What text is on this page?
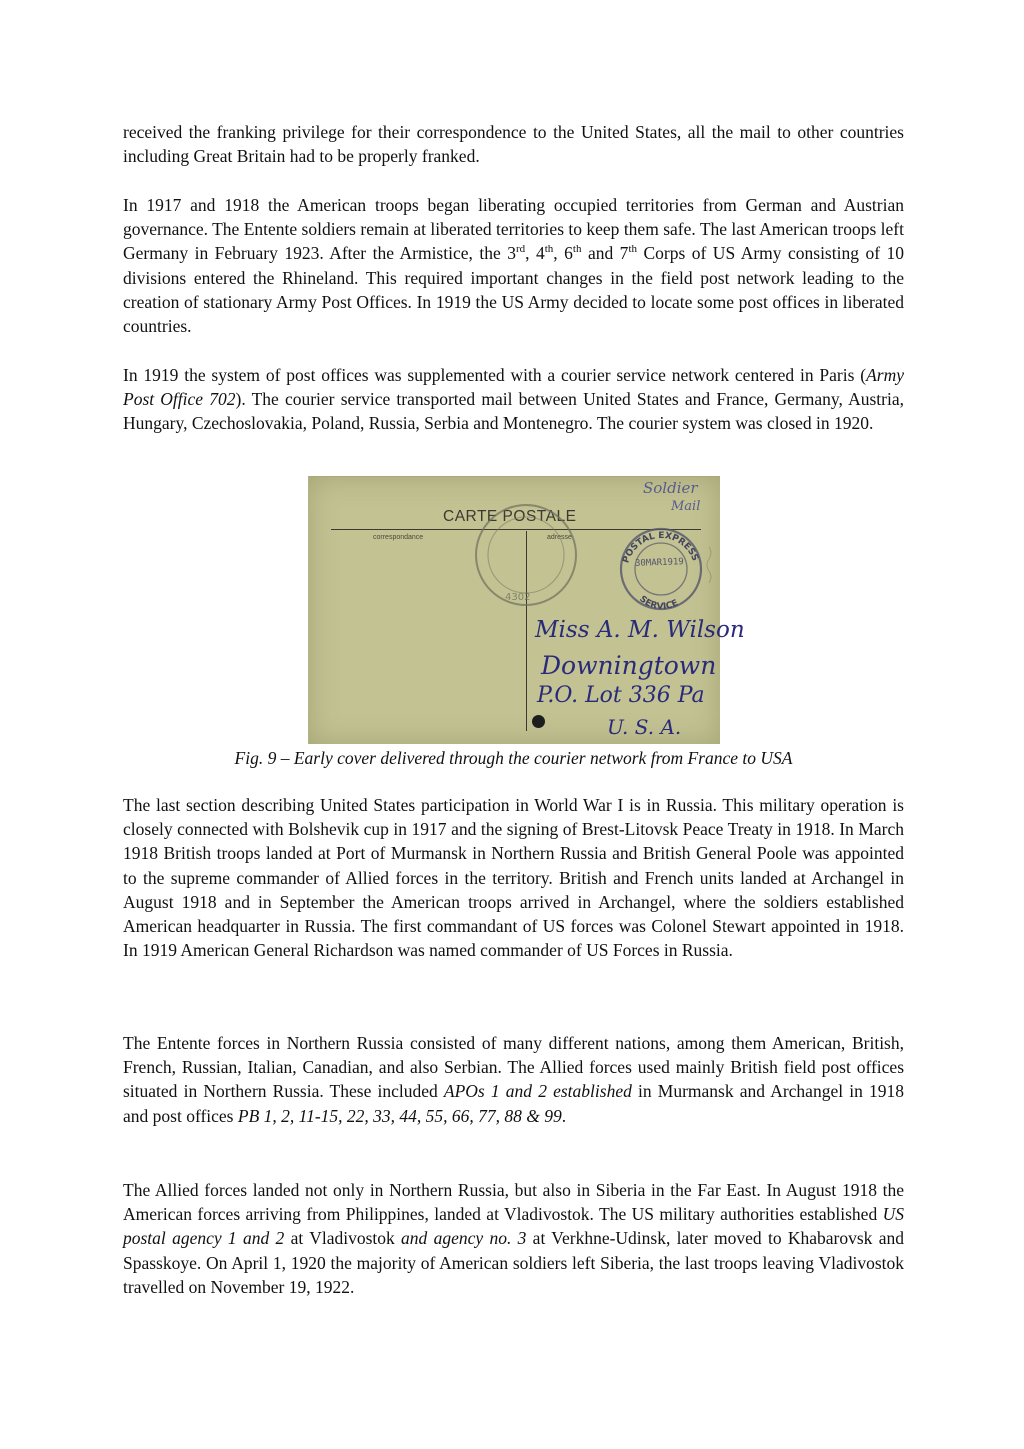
received the franking privilege for their correspondence to the United States, all the mail to other countries including Great Britain had to be properly franked.

In 1917 and 1918 the American troops began liberating occupied territories from German and Austrian governance. The Entente soldiers remain at liberated territories to keep them safe. The last American troops left Germany in February 1923. After the Armistice, the 3rd, 4th, 6th and 7th Corps of US Army consisting of 10 divisions entered the Rhineland. This required important changes in the field post network leading to the creation of stationary Army Post Offices. In 1919 the US Army decided to locate some post offices in liberated countries.

In 1919 the system of post offices was supplemented with a courier service network centered in Paris (Army Post Office 702). The courier service transported mail between United States and France, Germany, Austria, Hungary, Czechoslovakia, Poland, Russia, Serbia and Montenegro. The courier system was closed in 1920.

Fig. 9 – Early cover delivered through the courier network from France to USA

The last section describing United States participation in World War I is in Russia. This military operation is closely connected with Bolshevik cup in 1917 and the signing of Brest-Litovsk Peace Treaty in 1918. In March 1918 British troops landed at Port of Murmansk in Northern Russia and British General Poole was appointed to the supreme commander of Allied forces in the territory. British and French units landed at Archangel in August 1918 and in September the American troops arrived in Archangel, where the soldiers established American headquarter in Russia. The first commandant of US forces was Colonel Stewart appointed in 1918. In 1919 American General Richardson was named commander of US Forces in Russia.

The Entente forces in Northern Russia consisted of many different nations, among them American, British, French, Russian, Italian, Canadian, and also Serbian. The Allied forces used mainly British field post offices situated in Northern Russia. These included APOs 1 and 2 established in Murmansk and Archangel in 1918 and post offices PB 1, 2, 11-15, 22, 33, 44, 55, 66, 77, 88 & 99.

The Allied forces landed not only in Northern Russia, but also in Siberia in the Far East. In August 1918 the American forces arriving from Philippines, landed at Vladivostok. The US military authorities established US postal agency 1 and 2 at Vladivostok and agency no. 3 at Verkhne-Udinsk, later moved to Khabarovsk and Spasskoye. On April 1, 1920 the majority of American soldiers left Siberia, the last troops leaving Vladivostok travelled on November 19, 1922.

CARTE POSTALE
correspondance	adresse
4302
POSTAL EXPRESS
SERVICE
30MAR1919
Soldier
Mail
Miss A. M. Wilson
Downingtown
P.O. Lot 336 Pa
U. S. A.
